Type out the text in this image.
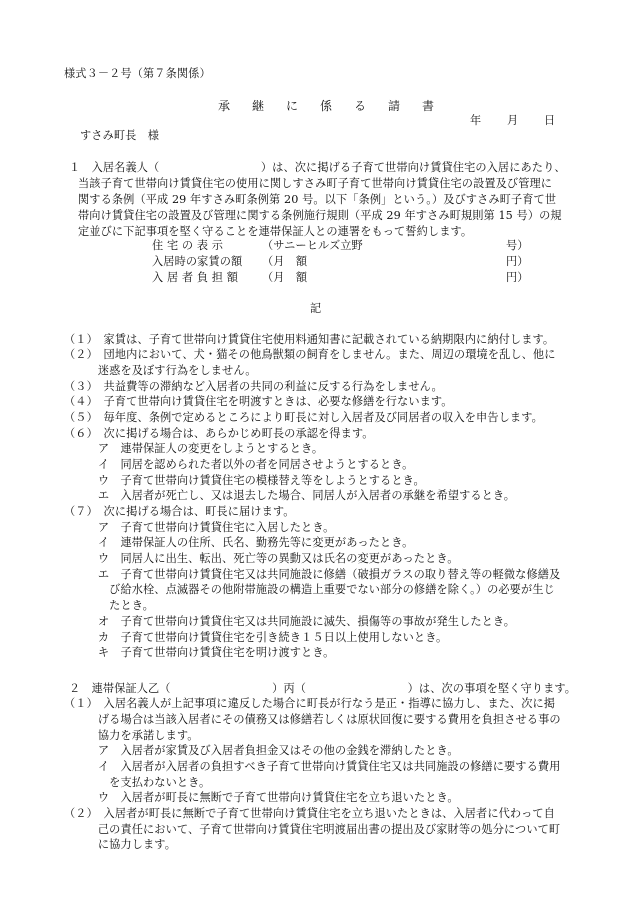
様式３－２号（第７条関係）
承継に係る請書
年 月 日
すさみ町長　様
１　入居名義人（　　　　　　　　　）は、次に掲げる子育て世帯向け賃貸住宅の入居にあたり、
当該子育て世帯向け賃貸住宅の使用に関しすさみ町子育て世帯向け賃貸住宅の設置及び管理に
関する条例（平成 29 年すさみ町条例第 20 号。以下「条例」という。）及びすさみ町子育て世
帯向け賃貸住宅の設置及び管理に関する条例施行規則（平成 29 年すさみ町規則第 15 号）の規
定並びに下記事項を堅く守ることを連帯保証人との連署をもって誓約します。
住 宅 の 表 示	（サニーヒルズ立野	号）
入居時の家賃の額 （月　額	円）
入 居 者 負 担 額 （月　額	円）
記
（１）　家賃は、子育て世帯向け賃貸住宅使用料通知書に記載されている納期限内に納付します。
（２）　団地内において、犬・猫その他鳥獣類の飼育をしません。また、周辺の環境を乱し、他に
　　　迷惑を及ぼす行為をしません。
（３）　共益費等の滞納など入居者の共同の利益に反する行為をしません。
（４）　子育て世帯向け賃貸住宅を明渡すときは、必要な修繕を行ないます。
（５）　毎年度、条例で定めるところにより町長に対し入居者及び同居者の収入を申告します。
（６）　次に掲げる場合は、あらかじめ町長の承認を得ます。
　　　ア　連帯保証人の変更をしようとするとき。
　　　イ　同居を認められた者以外の者を同居させようとするとき。
　　　ウ　子育て世帯向け賃貸住宅の模様替え等をしようとするとき。
　　　エ　入居者が死亡し、又は退去した場合、同居人が入居者の承継を希望するとき。
（７）　次に掲げる場合は、町長に届けます。
　　　ア　子育て世帯向け賃貸住宅に入居したとき。
　　　イ　連帯保証人の住所、氏名、勤務先等に変更があったとき。
　　　ウ　同居人に出生、転出、死亡等の異動又は氏名の変更があったとき。
　　　エ　子育て世帯向け賃貸住宅又は共同施設に修繕（破損ガラスの取り替え等の軽微な修繕及
　　　　び給水栓、点滅器その他附帯施設の構造上重要でない部分の修繕を除く。）の必要が生じ
　　　　たとき。
　　　オ　子育て世帯向け賃貸住宅又は共同施設に滅失、損傷等の事故が発生したとき。
　　　カ　子育て世帯向け賃貸住宅を引き続き１５日以上使用しないとき。
　　　キ　子育て世帯向け賃貸住宅を明け渡すとき。
２　連帯保証人乙（　　　　　　　　　）丙（　　　　　　　　　）は、次の事項を堅く守ります。
（１）　入居名義人が上記事項に違反した場合に町長が行なう是正・指導に協力し、また、次に掲
　　　げる場合は当該入居者にその債務又は修繕若しくは原状回復に要する費用を負担させる事の
　　　協力を承諾します。
　　　ア　入居者が家賃及び入居者負担金又はその他の金銭を滞納したとき。
　　　イ　入居者が入居者の負担すべき子育て世帯向け賃貸住宅又は共同施設の修繕に要する費用
　　　　を支払わないとき。
　　　ウ　入居者が町長に無断で子育て世帯向け賃貸住宅を立ち退いたとき。
（２）　入居者が町長に無断で子育て世帯向け賃貸住宅を立ち退いたときは、入居者に代わって自
　　　己の責任において、子育て世帯向け賃貸住宅明渡届出書の提出及び家財等の処分について町
　　　に協力します。
